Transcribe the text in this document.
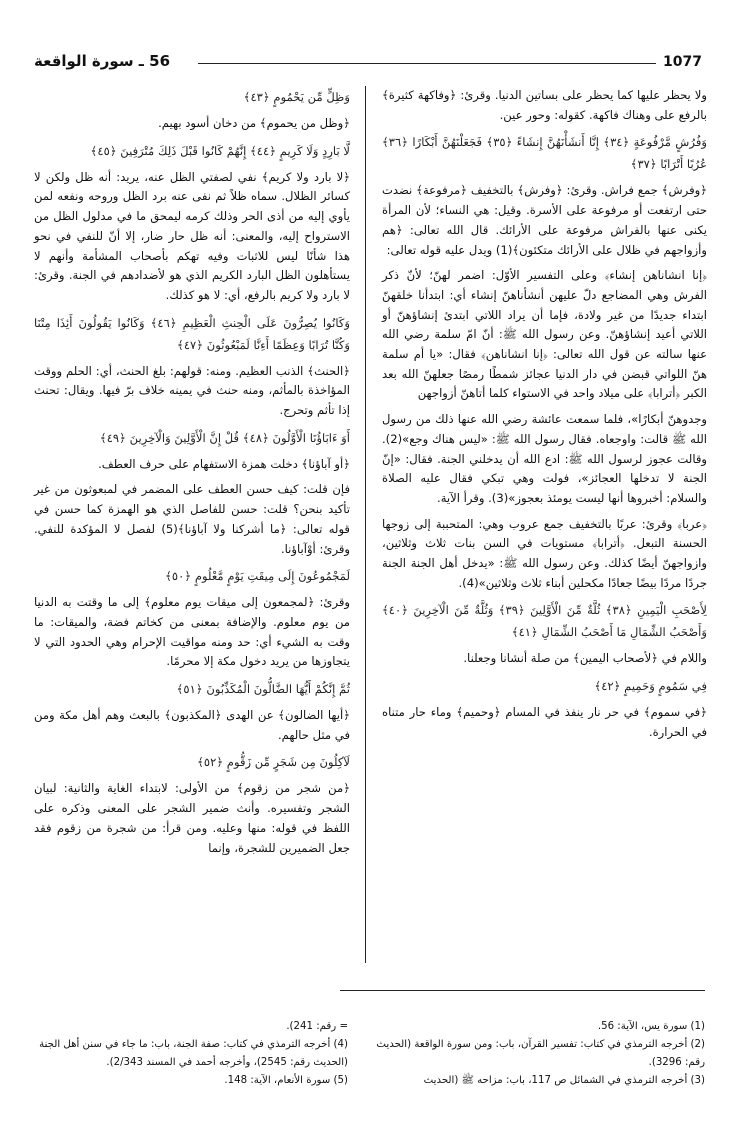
1077
56 ـ سورة الواقعة

ولا يحظر عليها كما يحظر على بساتين الدنيا. وقرئ: ﴿وفاكهة كثيرة﴾ بالرفع على وهناك فاكهة. كقوله: وحور عين.

وَفُرُشٍ مَّرْفُوعَةٍ ﴿٣٤﴾ إِنَّا أَنشَأْنَهُنَّ إِنشَاءً ﴿٣٥﴾ فَجَعَلْنَهُنَّ أَبْكَارًا ﴿٣٦﴾ عُرُبًا أَتْرَابًا ﴿٣٧﴾

﴿وفرش﴾ جمع فراش. وقرئ: ﴿وفرش﴾ بالتخفيف ﴿مرفوعة﴾ نضدت حتى ارتفعت أو مرفوعة على الأسرة. وقيل: هي النساء؛ لأن المرأة يكنى عنها بالفراش مرفوعة على الأرائك. قال الله تعالى: ﴿هم وأزواجهم في ظلال على الأرائك متكئون﴾(1) ويدل عليه قوله تعالى:

﴿إنا انشاناهن إنشاء﴾ وعلى التفسير الأوّل: اضمر لهنّ؛ لأنّ ذكر الفرش وهي المضاجع دلّ عليهن أنشأناهنّ إنشاء أي: ابتدأنا خلقهنّ ابتداء جديدًا من غير ولادة، فإما أن يراد اللاتي ابتدئ إنشاؤهنّ أو اللاتي أعيد إنشاؤهنّ. وعن رسول الله ﷺ: أنّ امّ سلمة رضي الله عنها سالته عن قول الله تعالى: ﴿إنا انشاناهن﴾ فقال: «يا أم سلمة هنّ اللواتي قبضن في دار الدنيا عجائز شمطًا رمصًا جعلهنّ الله بعد الكبر ﴿أترابا﴾ على ميلاد واحد في الاستواء كلما أتاهنّ أزواجهن

وجدوهنّ أبكارًا»، فلما سمعت عائشة رضي الله عنها ذلك من رسول الله ﷺ قالت: واوجعاه. فقال رسول الله ﷺ: «ليس هناك وجع»(2). وقالت عجوز لرسول الله ﷺ: ادع الله أن يدخلني الجنة. فقال: «إنّ الجنة لا تدخلها العجائز»، فولت وهي تبكي فقال عليه الصلاة والسلام: أخبروها أنها ليست يومئذ بعجوز»(3). وقرأ الآية.

﴿عربا﴾ وقرئ: عربًا بالتخفيف جمع عروب وهي: المتحببة إلى زوجها الحسنة التبعل. ﴿أترابا﴾ مستويات في السن بنات ثلاث وثلاثين، وازواجهنّ أيضًا كذلك. وعن رسول الله ﷺ: «يدخل أهل الجنة الجنة جردًا مردًا بيضًا جعادًا مكحلين أبناء ثلاث وثلاثين»(4).

لِأَصْحَبِ الْيَمِينِ ﴿٣٨﴾ ثُلَّةٌ مِّنَ الْأَوَّلِينَ ﴿٣٩﴾ وَثُلَّةٌ مِّنَ الْآخِرِينَ ﴿٤٠﴾ وَأَصْحَبُ الشِّمَالِ مَا أَصْحَبُ الشِّمَالِ ﴿٤١﴾

واللام في ﴿لأصحاب اليمين﴾ من صلة أنشانا وجعلنا.

فِي سَمُومٍ وَحَمِيمٍ ﴿٤٢﴾

﴿في سموم﴾ في حر نار ينفذ في المسام ﴿وحميم﴾ وماء حار متناه في الحرارة.

وَظِلٍّ مِّن يَحْمُومٍ ﴿٤٣﴾

﴿وظل من يحموم﴾ من دخان أسود بهيم.

لَّا بَارِدٍ وَلَا كَرِيمٍ ﴿٤٤﴾ إِنَّهُمْ كَانُوا قَبْلَ ذَلِكَ مُتْرَفِينَ ﴿٤٥﴾

﴿لا بارد ولا كريم﴾ نفي لصفتي الظل عنه، يريد: أنه ظل ولكن لا كسائر الظلال. سماه ظلاً ثم نفى عنه برد الظل وروحه ونفعه لمن يأوي إليه من أذى الحر وذلك كرمه ليمحق ما في مدلول الظل من الاسترواح إليه، والمعنى: أنه ظل حار ضار، إلا أنّ للنفي في نحو هذا شأنًا ليس للاثبات وفيه تهكم بأصحاب المشأمة وأنهم لا يستأهلون الظل البارد الكريم الذي هو لأضدادهم في الجنة. وقرئ: لا بارد ولا كريم بالرفع، أي: لا هو كذلك.

وَكَانُوا يُصِرُّونَ عَلَى الْحِنثِ الْعَظِيمِ ﴿٤٦﴾ وَكَانُوا يَقُولُونَ أَئِذَا مِتْنَا وَكُنَّا تُرَابًا وَعِظَمًا أَءِنَّا لَمَبْعُوثُونَ ﴿٤٧﴾

﴿الحنث﴾ الذنب العظيم. ومنه: قولهم: بلغ الحنث، أي: الحلم ووقت المؤاخذة بالمأثم، ومنه حنث في يمينه خلاف برّ فيها. ويقال: تحنث إذا تأثم وتحرج.

أَوَ ءَابَاؤُنَا الْأَوَّلُونَ ﴿٤٨﴾ قُلْ إِنَّ الْأَوَّلِينَ وَالْآخِرِينَ ﴿٤٩﴾

﴿أو آباؤنا﴾ دخلت همزة الاستفهام على حرف العطف.

فإن قلت: كيف حسن العطف على المضمر في لمبعوثون من غير تأكيد بنحن؟ قلت: حسن للفاصل الذي هو الهمزة كما حسن في قوله تعالى: ﴿ما أشركنا ولا آباؤنا﴾(5) لفصل لا المؤكدة للنفي. وقرئ: أوْآباؤنا.

لَمَجْمُوعُونَ إِلَى مِيقَتِ يَوْمٍ مَّعْلُومٍ ﴿٥٠﴾

وقرئ: ﴿لمجمعون إلى ميقات يوم معلوم﴾ إلى ما وقتت به الدنيا من يوم معلوم. والإضافة بمعنى من كخاتم فضة، والميقات: ما وقت به الشيء أي: حد ومنه مواقيت الإحرام وهي الحدود التي لا يتجاوزها من يريد دخول مكة إلا محرمًا.

ثُمَّ إِنَّكُمْ أَيُّهَا الضَّالُّونَ الْمُكَذِّبُونَ ﴿٥١﴾

﴿أيها الضالون﴾ عن الهدى ﴿المكذبون﴾ بالبعث وهم أهل مكة ومن في مثل حالهم.

لَآكِلُونَ مِن شَجَرٍ مِّن زَقُّومٍ ﴿٥٢﴾

﴿من شجر من زقوم﴾ من الأولى: لابتداء الغاية والثانية: لبيان الشجر وتفسيره. وأنث ضمير الشجر على المعنى وذكره على اللفظ في قوله: منها وعليه. ومن قرأ: من شجرة من زقوم فقد جعل الضميرين للشجرة، وإنما

(1) سورة يس، الآية: 56.
(2) أخرجه الترمذي في كتاب: تفسير القرآن، باب: ومن سورة الواقعة (الحديث رقم: 3296).
(3) أخرجه الترمذي في الشمائل ص 117، باب: مزاحه ﷺ (الحديث
= رقم: 241).
(4) أخرجه الترمذي في كتاب: صفة الجنة، باب: ما جاء في سنن أهل الجنة (الحديث رقم: 2545)، وأخرجه أحمد في المسند 2/343).
(5) سورة الأنعام، الآية: 148.
